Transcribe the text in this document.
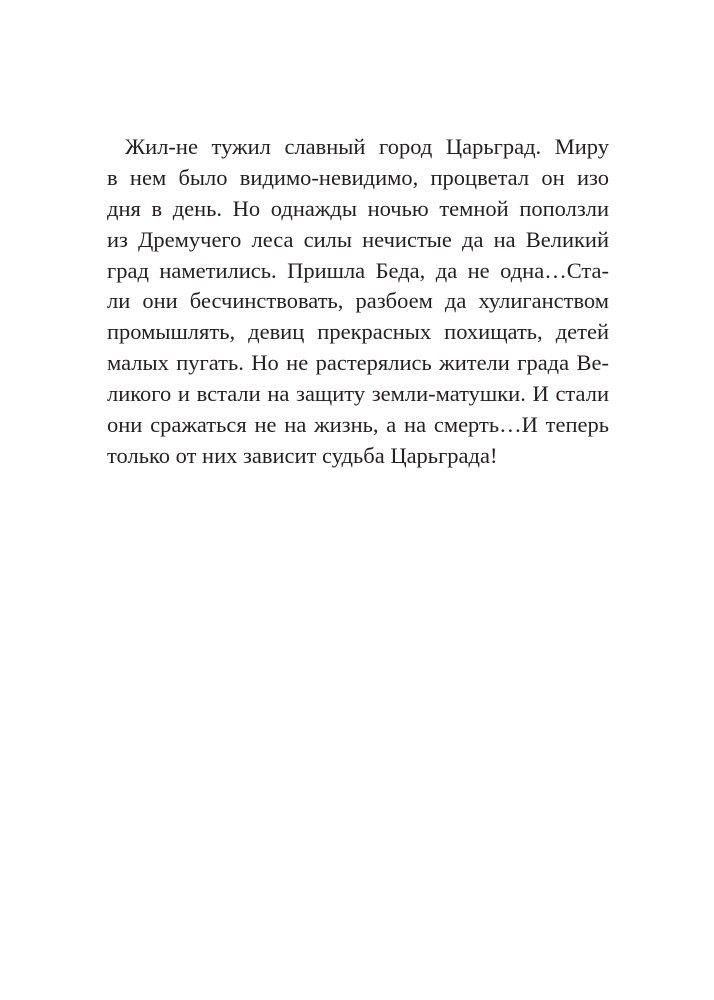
Жил-не тужил славный город Царьград. Миру
в нем было видимо-невидимо, процветал он изо
дня в день. Но однажды ночью темной поползли
из Дремучего леса силы нечистые да на Великий
град наметились. Пришла Беда, да не одна…Ста-
ли они бесчинствовать, разбоем да хулиганством
промышлять, девиц прекрасных похищать, детей
малых пугать. Но не растерялись жители града Ве-
ликого и встали на защиту земли-матушки. И стали
они сражаться не на жизнь, а на смерть…И теперь
только от них зависит судьба Царьграда!
